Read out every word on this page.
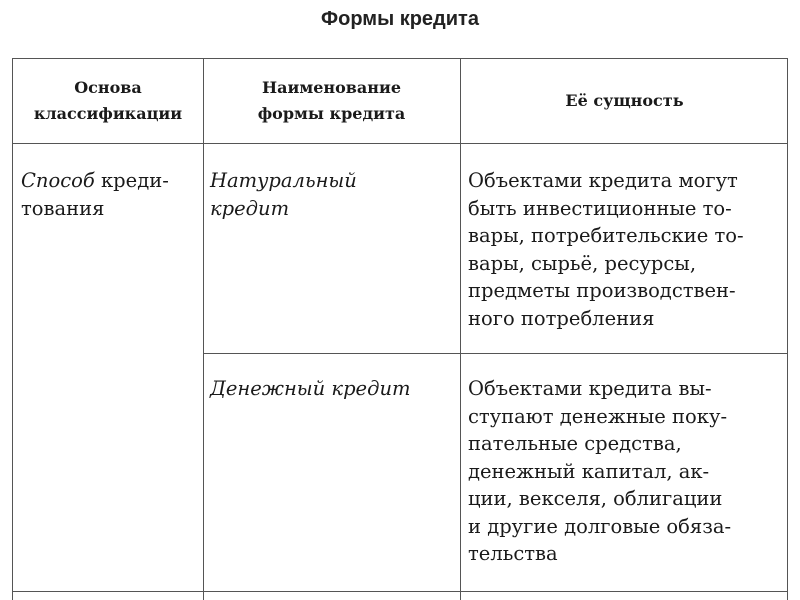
Формы кредита
Основа
классификации
Наименование
формы кредита
Её сущность
Способ креди-
тования
Натуральный
кредит
Объектами кредита могут
быть инвестиционные то-
вары, потребительские то-
вары, сырьё, ресурсы,
предметы производствен-
ного потребления
Денежный кредит	Объектами кредита вы-
ступают денежные поку-
пательные средства,
денежный капитал, ак-
ции, векселя, облигации
и другие долговые обяза-
тельства
